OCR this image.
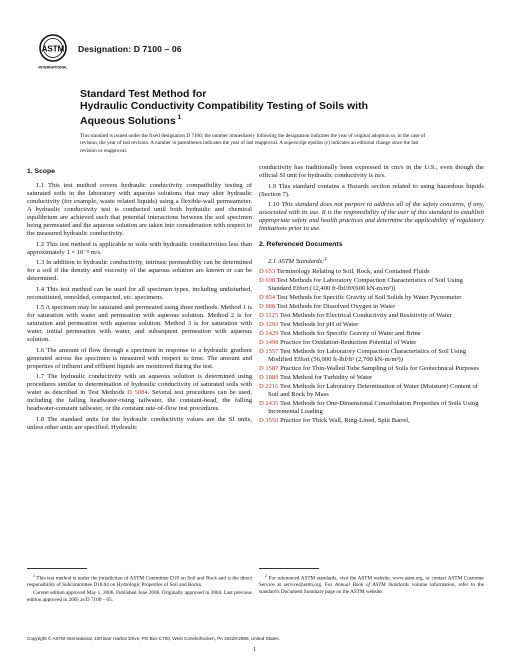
ASTM
INTERNATIONAL
Designation: D 7100 – 06
Standard Test Method for
Hydraulic Conductivity Compatibility Testing of Soils with
Aqueous Solutions $^1$
This standard is issued under the fixed designation D 7100; the number immediately following the designation indicates the year of original adoption or, in the case of revision, the year of last revision. A number in parentheses indicates the year of last reapproval. A superscript epsilon (ε) indicates an editorial change since the last revision or reapproval.
1. Scope

1.1 This test method covers hydraulic conductivity compatibility testing of saturated soils in the laboratory with aqueous solutions that may alter hydraulic conductivity (for example, waste related liquids) using a flexible-wall permeameter. A hydraulic conductivity test is conducted until both hydraulic and chemical equilibrium are achieved such that potential interactions between the soil specimen being permeated and the aqueous solution are taken into consideration with respect to the measured hydraulic conductivity.

1.2 This test method is applicable to soils with hydraulic conductivities less than approximately 1 × 10⁻⁸ m/s.

1.3 In addition to hydraulic conductivity, intrinsic permeability can be determined for a soil if the density and viscosity of the aqueous solution are known or can be determined.

1.4 This test method can be used for all specimen types, including undisturbed, reconstituted, remolded, compacted, etc. specimens.

1.5 A specimen may be saturated and permeated using three methods. Method 1 is for saturation with water and permeation with aqueous solution. Method 2 is for saturation and permeation with aqueous solution. Method 3 is for saturation with water, initial permeation with water, and subsequent permeation with aqueous solution.

1.6 The amount of flow through a specimen in response to a hydraulic gradient generated across the specimen is measured with respect to time. The amount and properties of influent and effluent liquids are monitored during the test.

1.7 The hydraulic conductivity with an aqueous solution is determined using procedures similar to determination of hydraulic conductivity of saturated soils with water as described in Test Methods D 5084. Several test procedures can be used, including the falling headwater-rising tailwater, the constant-head, the falling headwater-constant tailwater, or the constant rate-of-flow test procedures.

1.8 The standard units for the hydraulic conductivity values are the SI units, unless other units are specified. Hydraulic

conductivity has traditionally been expressed in cm/s in the U.S., even though the official SI unit for hydraulic conductivity is m/s.

1.9 This standard contains a Hazards section related to using hazardous liquids (Section 7).

1.10 This standard does not purport to address all of the safety concerns, if any, associated with its use. It is the responsibility of the user of this standard to establish appropriate safety and health practices and determine the applicability of regulatory limitations prior to use.

2. Referenced Documents

2.1 ASTM Standards:$^2$

D 653 Terminology Relating to Soil, Rock, and Contained Fluids

D 698 Test Methods for Laboratory Compaction Characteristics of Soil Using Standard Effort (12,400 ft-lbf/ft³(600 kN-m/m³))

D 854 Test Methods for Specific Gravity of Soil Solids by Water Pycnometer

D 888 Test Methods for Dissolved Oxygen in Water

D 1125 Test Methods for Electrical Conductivity and Resistivity of Water

D 1293 Test Methods for pH of Water

D 1429 Test Methods for Specific Gravity of Water and Brine

D 1498 Practice for Oxidation-Reduction Potential of Water

D 1557 Test Methods for Laboratory Compaction Characteristics of Soil Using Modified Effort (56,000 ft-lbf/ft³ (2,700 kN-m/m³))

D 1587 Practice for Thin-Walled Tube Sampling of Soils for Geotechnical Purposes

D 1889 Test Method for Turbidity of Water

D 2216 Test Methods for Laboratory Determination of Water (Moisture) Content of Soil and Rock by Mass

D 2435 Test Methods for One-Dimensional Consolidation Properties of Soils Using Incremental Loading

D 3550 Practice for Thick Wall, Ring-Lined, Split Barrel,

$^1$ This test method is under the jurisdiction of ASTM Committee D18 on Soil and Rock and is the direct responsibility of Subcommittee D18.04 on Hydrologic Properties of Soil and Rocks.

Current edition approved May 1, 2006. Published June 2006. Originally approved in 2004. Last previous edition approved in 2005 as D 7100 – 05.

$^2$ For referenced ASTM standards, visit the ASTM website, www.astm.org, or contact ASTM Customer Service at service@astm.org. For Annual Book of ASTM Standards volume information, refer to the standard's Document Summary page on the ASTM website.

Copyright © ASTM International, 100 Barr Harbor Drive, PO Box C700, West Conshohocken, PA 19428-2959, United States.
1
